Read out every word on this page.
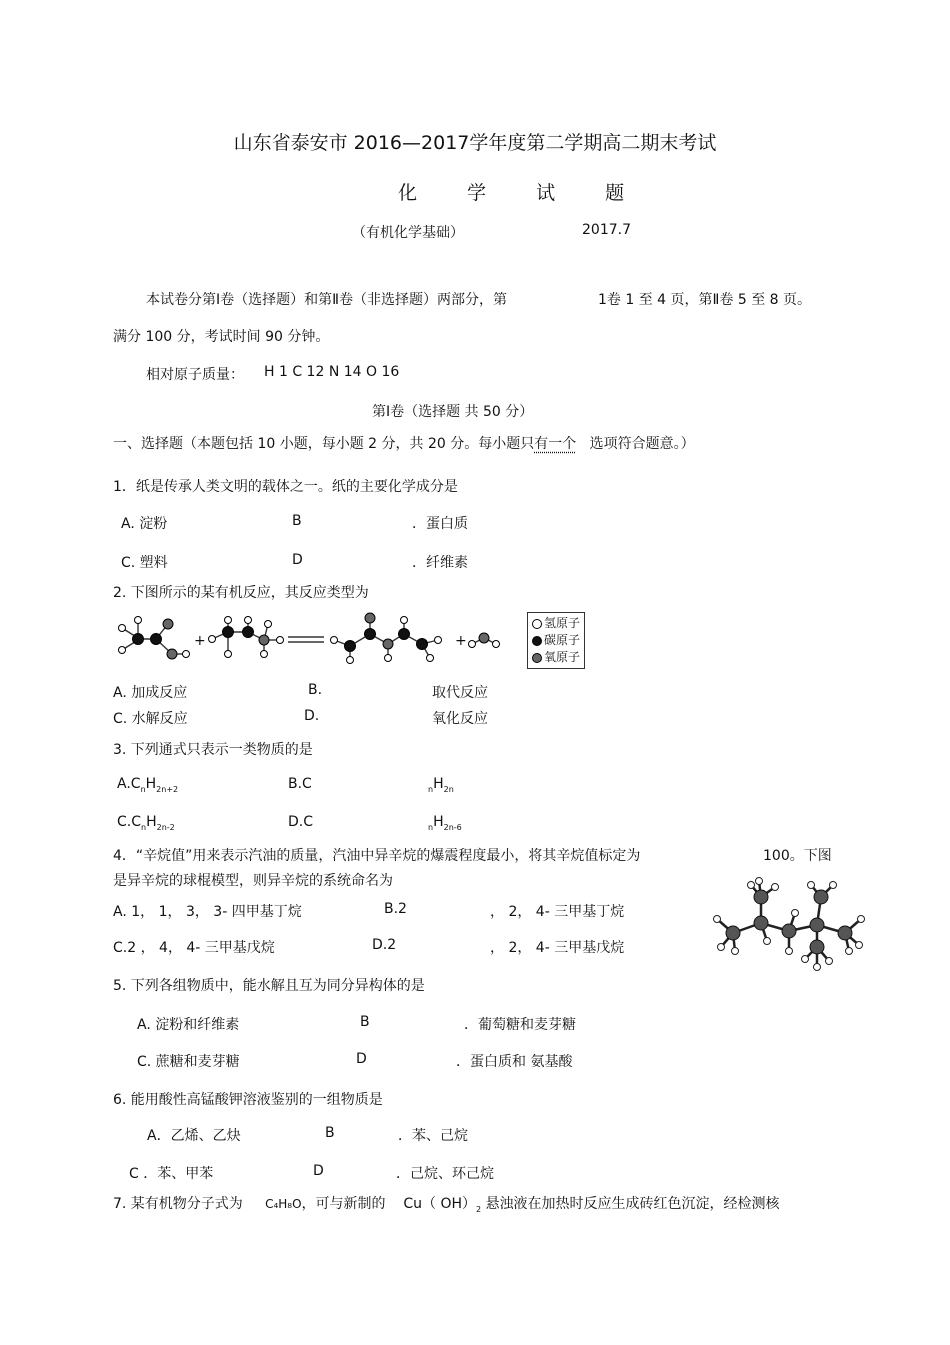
山东省泰安市 2016—2017学年度第二学期高二期末考试
化 学 试 题
（有机化学基础）	2017.7
本试卷分第Ⅰ卷（选择题）和第Ⅱ卷（非选择题）两部分，第	1卷 1 至 4 页，第Ⅱ卷 5 至 8 页。
满分 100 分，考试时间 90 分钟。
相对原子质量： H 1 C 12 N 14 O 16
第Ⅰ卷（选择题 共 50 分）
一、选择题（本题包括 10 小题，每小题 2 分，共 20 分。每小题只有一个 选项符合题意。）
1．纸是传承人类文明的载体之一。纸的主要化学成分是
A. 淀粉	B	．蛋白质
C. 塑料	D	．纤维素
2. 下图所示的某有机反应，其反应类型为
+	+
氢原子
碳原子
氧原子
A. 加成反应	B.	取代反应
C. 水解反应	D.	氧化反应
3. 下列通式只表示一类物质的是
$A.C_nH_{2n+2}$	B.C	$_nH_{2n}$
$C.C_nH_{2n-2}$	D.C	$_nH_{2n-6}$
4．“辛烷值”用来表示汽油的质量，汽油中异辛烷的爆震程度最小，将其辛烷值标定为	100。下图
是异辛烷的球棍模型，则异辛烷的系统命名为
A. 1， 1， 3， 3- 四甲基丁烷	B.2	， 2， 4- 三甲基丁烷
C.2 ， 4， 4- 三甲基戊烷	D.2	， 2， 4- 三甲基戊烷
5. 下列各组物质中，能水解且互为同分异构体的是
A. 淀粉和纤维素	B	．葡萄糖和麦芽糖
C. 蔗糖和麦芽糖	D	．蛋白质和 氨基酸
6. 能用酸性高锰酸钾溶液鉴别的一组物质是
A．乙烯、乙炔	B	．苯、己烷
C ．苯、甲苯	D	．己烷、环己烷
7. 某有机物分子式为 C₄H₈O，可与新制的 Cu（ $OH)_2$ 悬浊液在加热时反应生成砖红色沉淀，经检测核
